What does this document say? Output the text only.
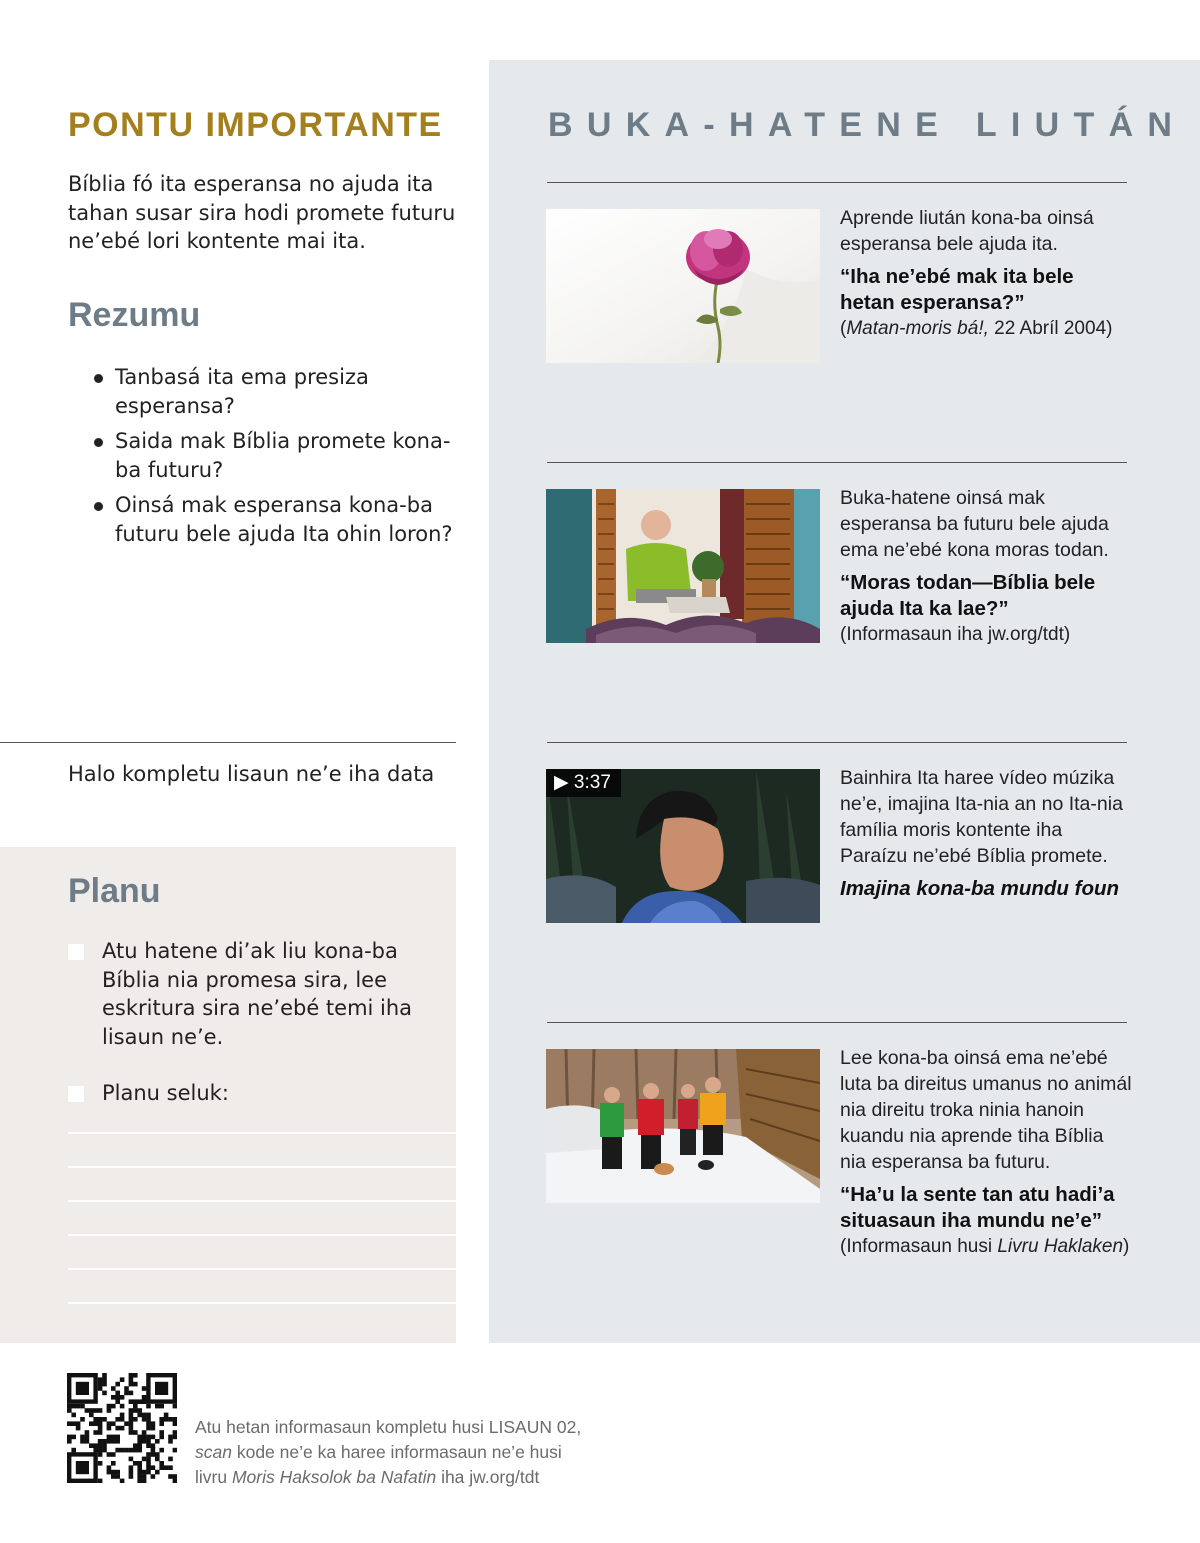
PONTU IMPORTANTE

Bíblia fó ita esperansa no ajuda ita tahan susar sira hodi promete futuru ne’ebé lori kontente mai ita.

Rezumu
Tanbasá ita ema presiza esperansa?
Saida mak Bíblia promete kona-ba futuru?
Oinsá mak esperansa kona-ba futuru bele ajuda Ita ohin loron?

Halo kompletu lisaun ne’e iha data

Planu
Atu hatene di’ak liu kona-ba Bíblia nia promesa sira, lee eskritura sira ne’ebé temi iha lisaun ne’e.
Planu seluk:
BUKA-HATENE LIUTÁN

Aprende liután kona-ba oinsá esperansa bele ajuda ita.
“Iha ne’ebé mak ita bele hetan esperansa?”
(Matan-moris bá!, 22 Abríl 2004)

Buka-hatene oinsá mak esperansa ba futuru bele ajuda ema ne’ebé kona moras todan.
“Moras todan—Bíblia bele ajuda Ita ka lae?”
(Informasaun iha jw.org/tdt)

▶ 3:37	Bainhira Ita haree vídeo múzika ne’e, imajina Ita-nia an no Ita-nia família moris kontente iha Paraízu ne’ebé Bíblia promete.
Imajina kona-ba mundu foun

Lee kona-ba oinsá ema ne’ebé luta ba direitus umanus no animál nia direitu troka ninia hanoin kuandu nia aprende tiha Bíblia nia esperansa ba futuru.
“Ha’u la sente tan atu hadi’a situasaun iha mundu ne’e”
(Informasaun husi Livru Haklaken)

Atu hetan informasaun kompletu husi LISAUN 02,
scan kode ne’e ka haree informasaun ne’e husi
livru Moris Haksolok ba Nafatin iha jw.org/tdt
